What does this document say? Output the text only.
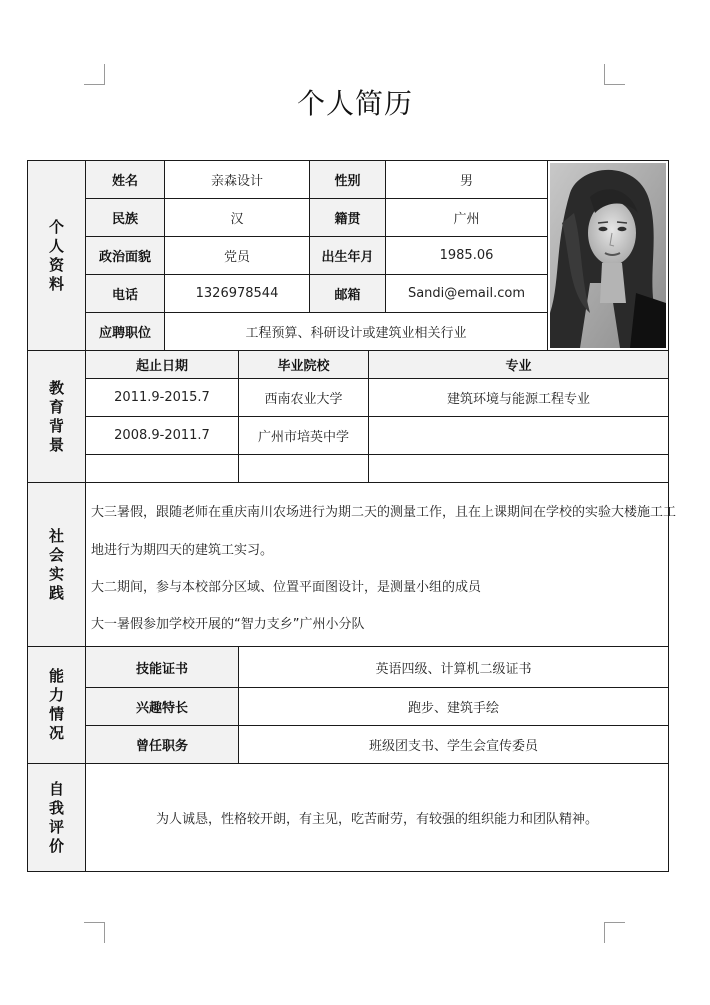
个人简历
个
人
资
料
姓名	亲森设计	性别	男
民族	汉	籍贯	广州
政治面貌	党员	出生年月	1985.06
电话	1326978544	邮箱	Sandi@email.com
应聘职位	工程预算、科研设计或建筑业相关行业
教
育
背
景
起止日期	毕业院校	专业
2011.9-2015.7	西南农业大学	建筑环境与能源工程专业
2008.9-2011.7	广州市培英中学
社
会
实
践

大三暑假，跟随老师在重庆南川农场进行为期二天的测量工作，且在上课期间在学校的实验大楼施工工

地进行为期四天的建筑工实习。

大二期间，参与本校部分区域、位置平面图设计，是测量小组的成员

大一暑假参加学校开展的“智力支乡”广州小分队

能
力
情
况
技能证书	英语四级、计算机二级证书
兴趣特长	跑步、建筑手绘
曾任职务	班级团支书、学生会宣传委员
自
我
评
价
为人诚恳，性格较开朗，有主见，吃苦耐劳，有较强的组织能力和团队精神。
